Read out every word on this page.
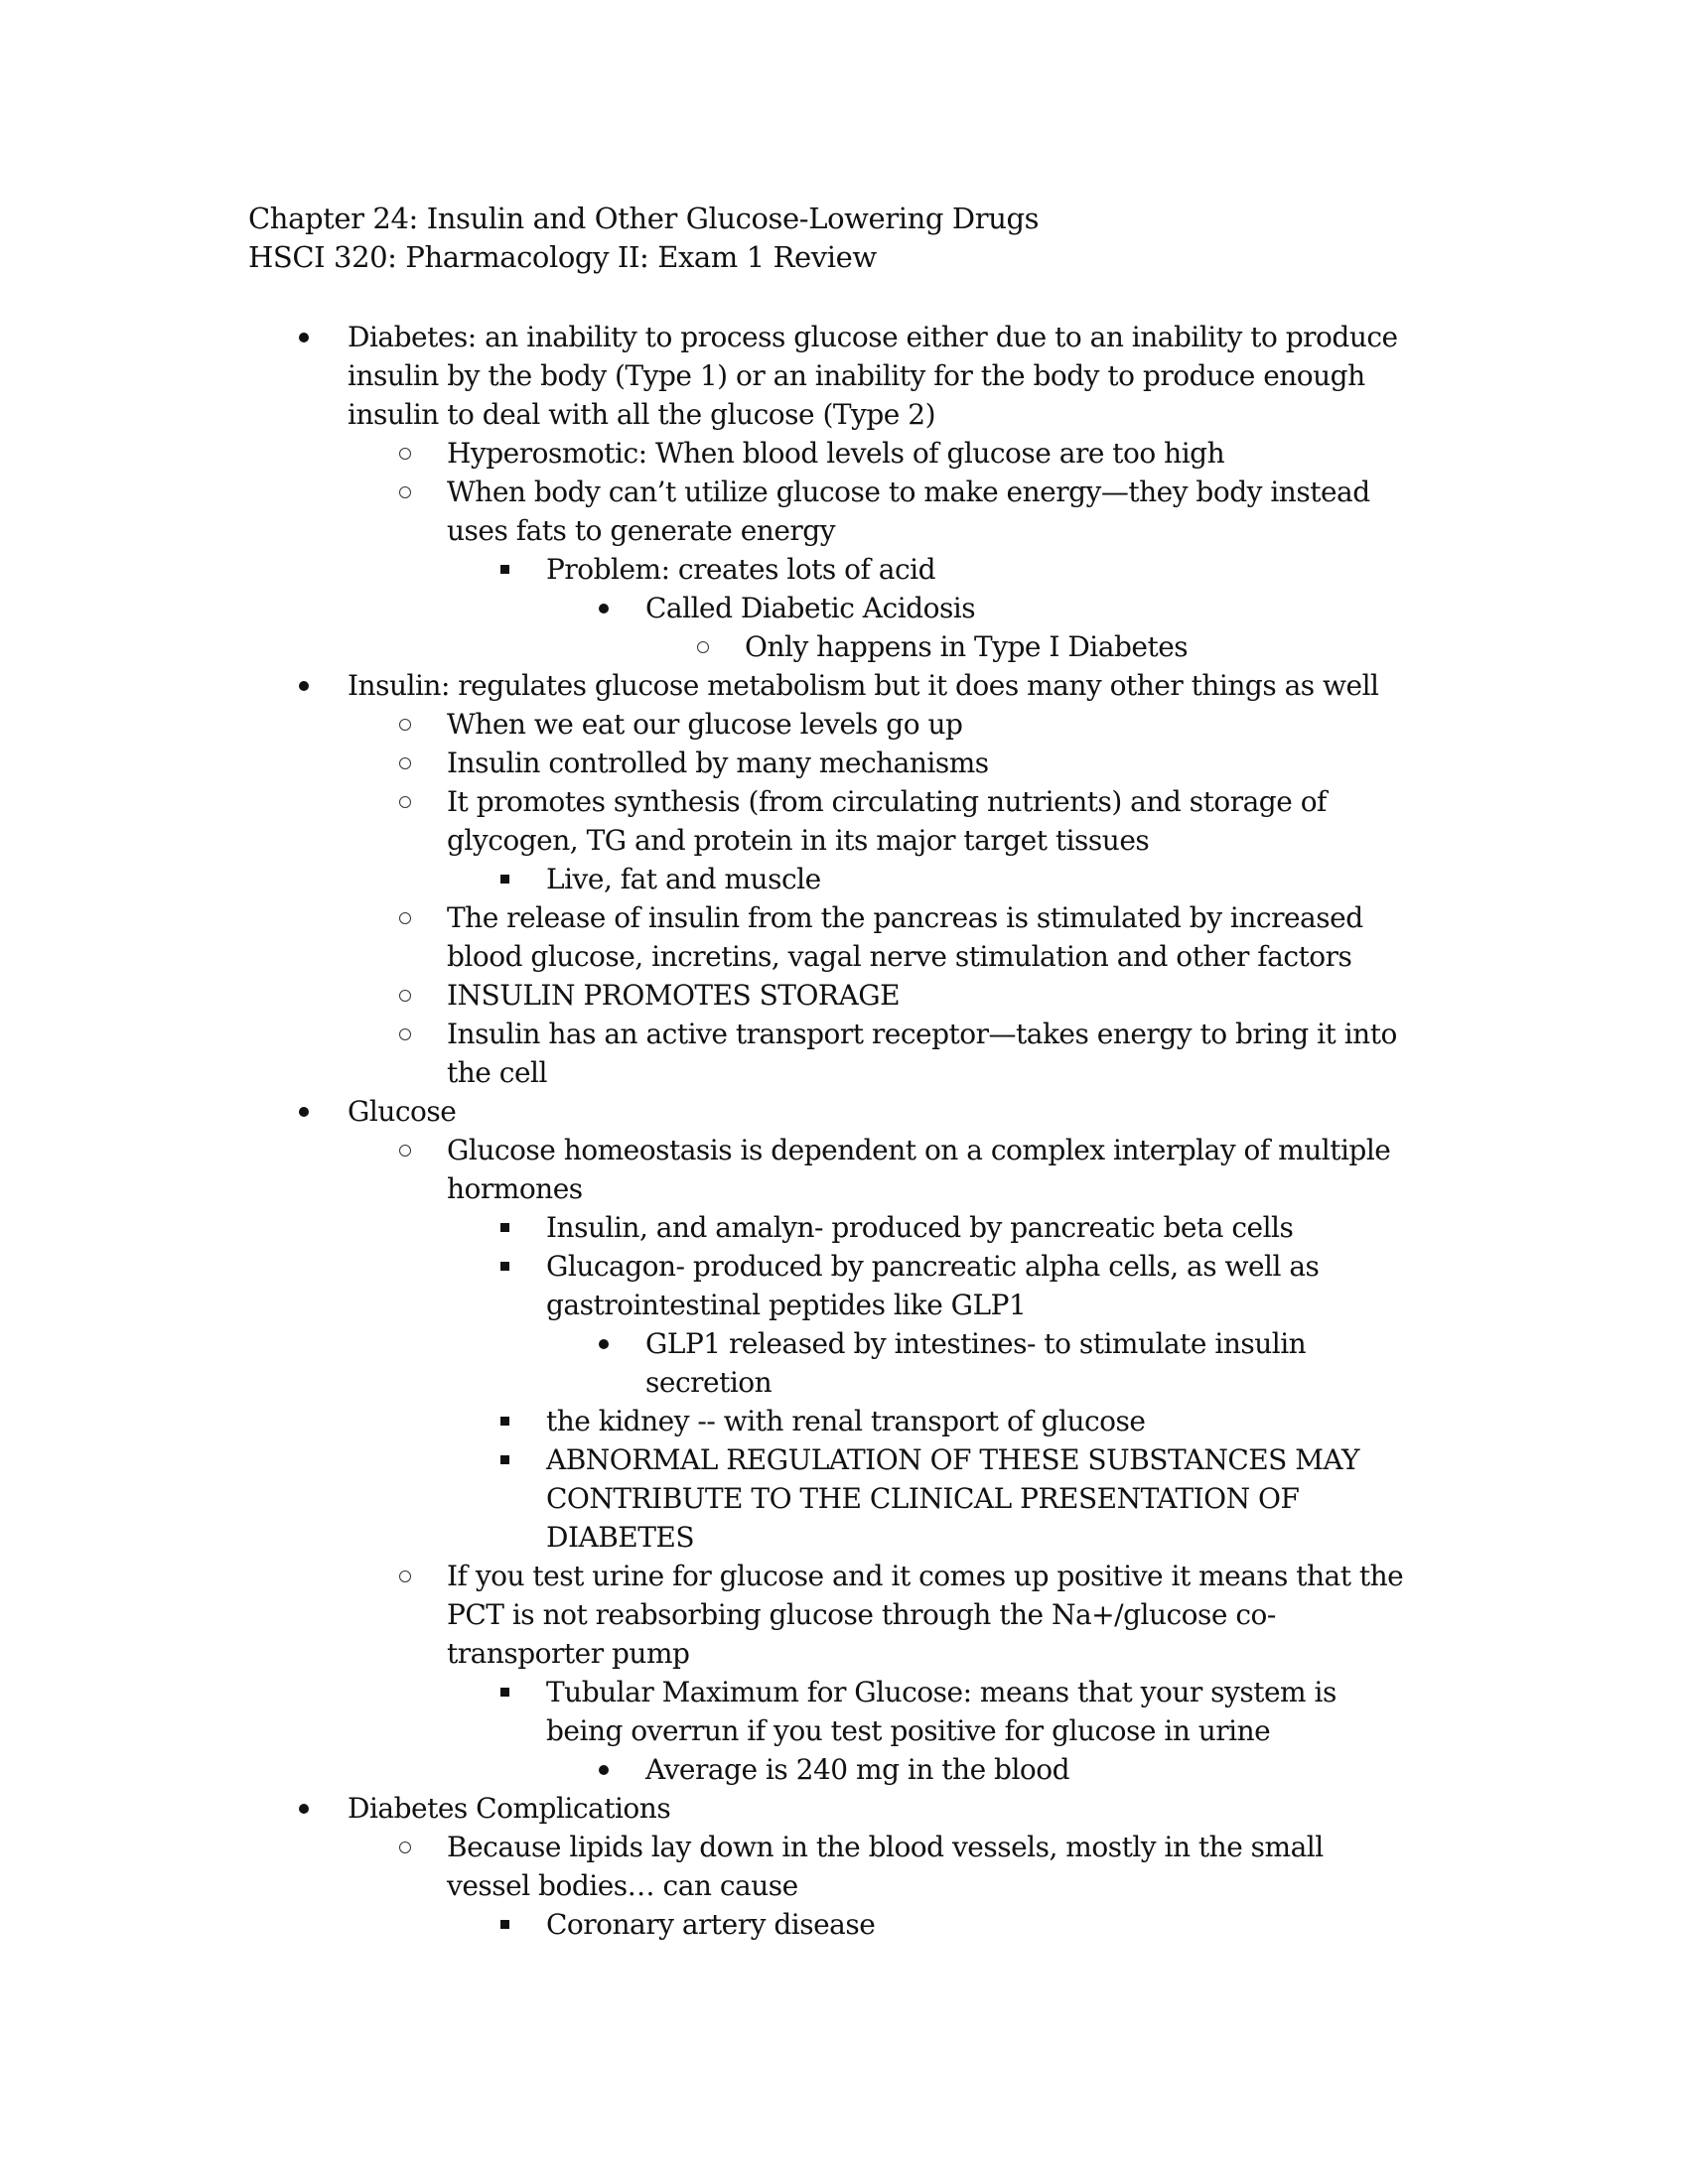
Chapter 24: Insulin and Other Glucose-Lowering Drugs
HSCI 320: Pharmacology II: Exam 1 Review
Diabetes: an inability to process glucose either due to an inability to produce
insulin by the body (Type 1) or an inability for the body to produce enough
insulin to deal with all the glucose (Type 2)
Hyperosmotic: When blood levels of glucose are too high
When body can’t utilize glucose to make energy—they body instead
uses fats to generate energy
Problem: creates lots of acid
Called Diabetic Acidosis
Only happens in Type I Diabetes
Insulin: regulates glucose metabolism but it does many other things as well
When we eat our glucose levels go up
Insulin controlled by many mechanisms
It promotes synthesis (from circulating nutrients) and storage of
glycogen, TG and protein in its major target tissues
Live, fat and muscle
The release of insulin from the pancreas is stimulated by increased
blood glucose, incretins, vagal nerve stimulation and other factors
INSULIN PROMOTES STORAGE
Insulin has an active transport receptor—takes energy to bring it into
the cell
Glucose
Glucose homeostasis is dependent on a complex interplay of multiple
hormones
Insulin, and amalyn- produced by pancreatic beta cells
Glucagon- produced by pancreatic alpha cells, as well as
gastrointestinal peptides like GLP1
GLP1 released by intestines- to stimulate insulin
secretion
the kidney -- with renal transport of glucose
ABNORMAL REGULATION OF THESE SUBSTANCES MAY
CONTRIBUTE TO THE CLINICAL PRESENTATION OF
DIABETES
If you test urine for glucose and it comes up positive it means that the
PCT is not reabsorbing glucose through the Na+/glucose co-
transporter pump
Tubular Maximum for Glucose: means that your system is
being overrun if you test positive for glucose in urine
Average is 240 mg in the blood
Diabetes Complications
Because lipids lay down in the blood vessels, mostly in the small
vessel bodies… can cause
Coronary artery disease
